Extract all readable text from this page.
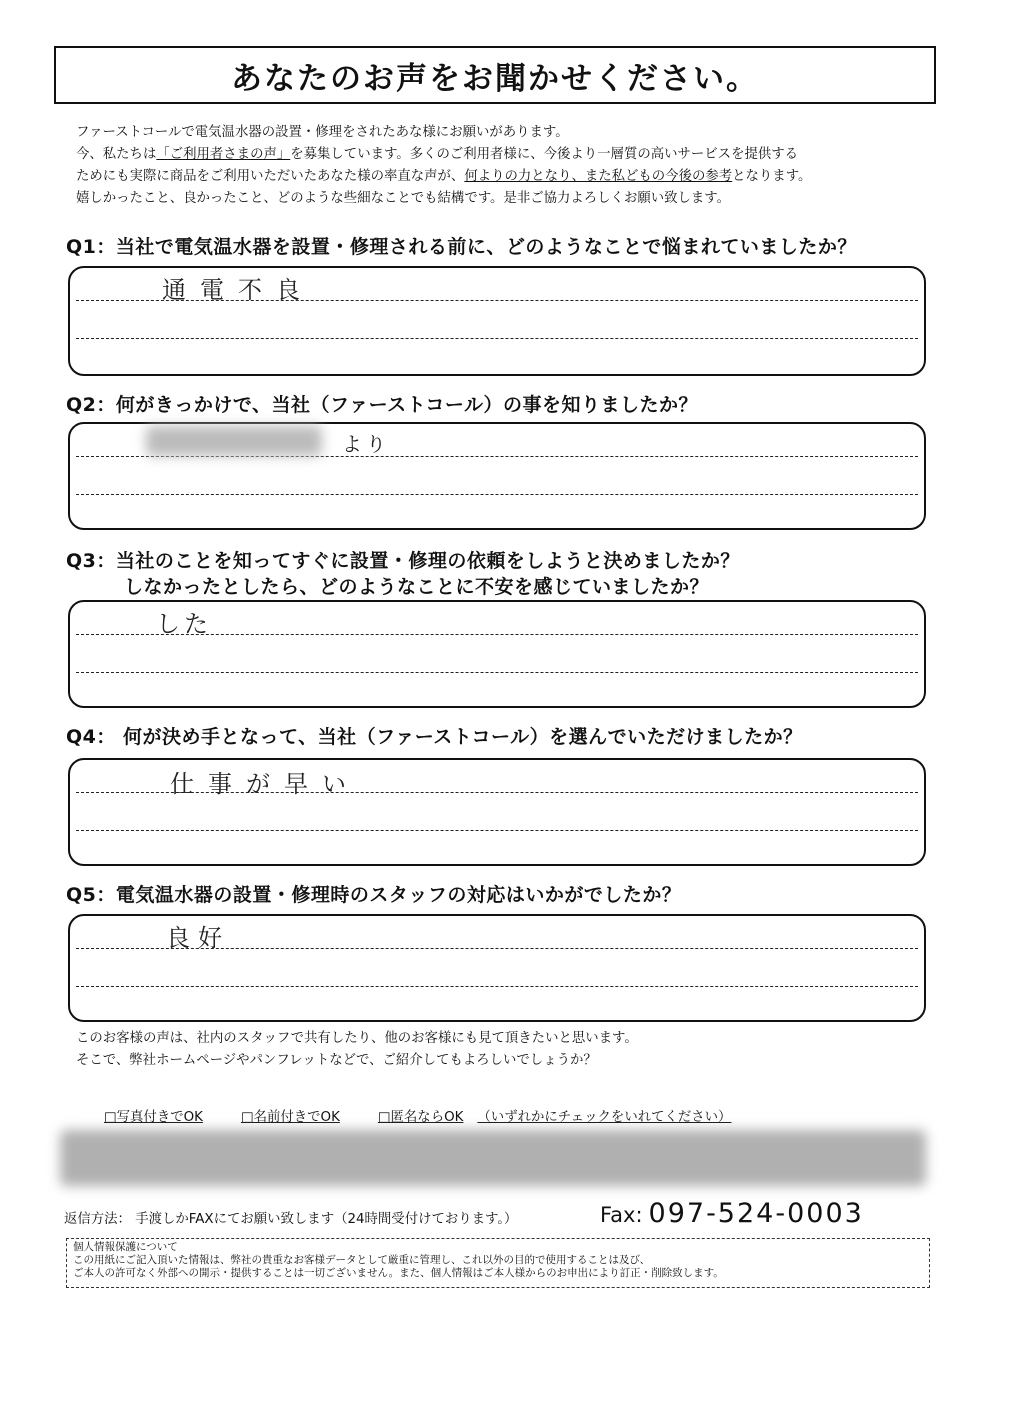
あなたのお声をお聞かせください。
ファーストコールで電気温水器の設置・修理をされたあな様にお願いがあります。
今、私たちは「ご利用者さまの声」を募集しています。多くのご利用者様に、今後より一層質の高いサービスを提供する
ためにも実際に商品をご利用いただいたあなた様の率直な声が、何よりの力となり、また私どもの今後の参考となります。
嬉しかったこと、良かったこと、どのような些細なことでも結構です。是非ご協力よろしくお願い致します。
Q1：当社で電気温水器を設置・修理される前に、どのようなことで悩まれていましたか？
通電不良
Q2：何がきっかけで、当社（ファーストコール）の事を知りましたか？
より
Q3：当社のことを知ってすぐに設置・修理の依頼をしようと決めましたか？
しなかったとしたら、どのようなことに不安を感じていましたか？
した
Q4： 何が決め手となって、当社（ファーストコール）を選んでいただけましたか？
仕事が早い
Q5：電気温水器の設置・修理時のスタッフの対応はいかがでしたか？
良好
このお客様の声は、社内のスタッフで共有したり、他のお客様にも見て頂きたいと思います。
そこで、弊社ホームページやパンフレットなどで、ご紹介してもよろしいでしょうか？
□写真付きでOK	□名前付きでOK	□匿名ならOK （いずれかにチェックをいれてください）
返信方法： 手渡しかFAXにてお願い致します（24時間受付けております。）	Fax: 097-524-0003
個人情報保護について
この用紙にご記入頂いた情報は、弊社の貴重なお客様データとして厳重に管理し、これ以外の目的で使用することは及び、
ご本人の許可なく外部への開示・提供することは一切ございません。また、個人情報はご本人様からのお申出により訂正・削除致します。
